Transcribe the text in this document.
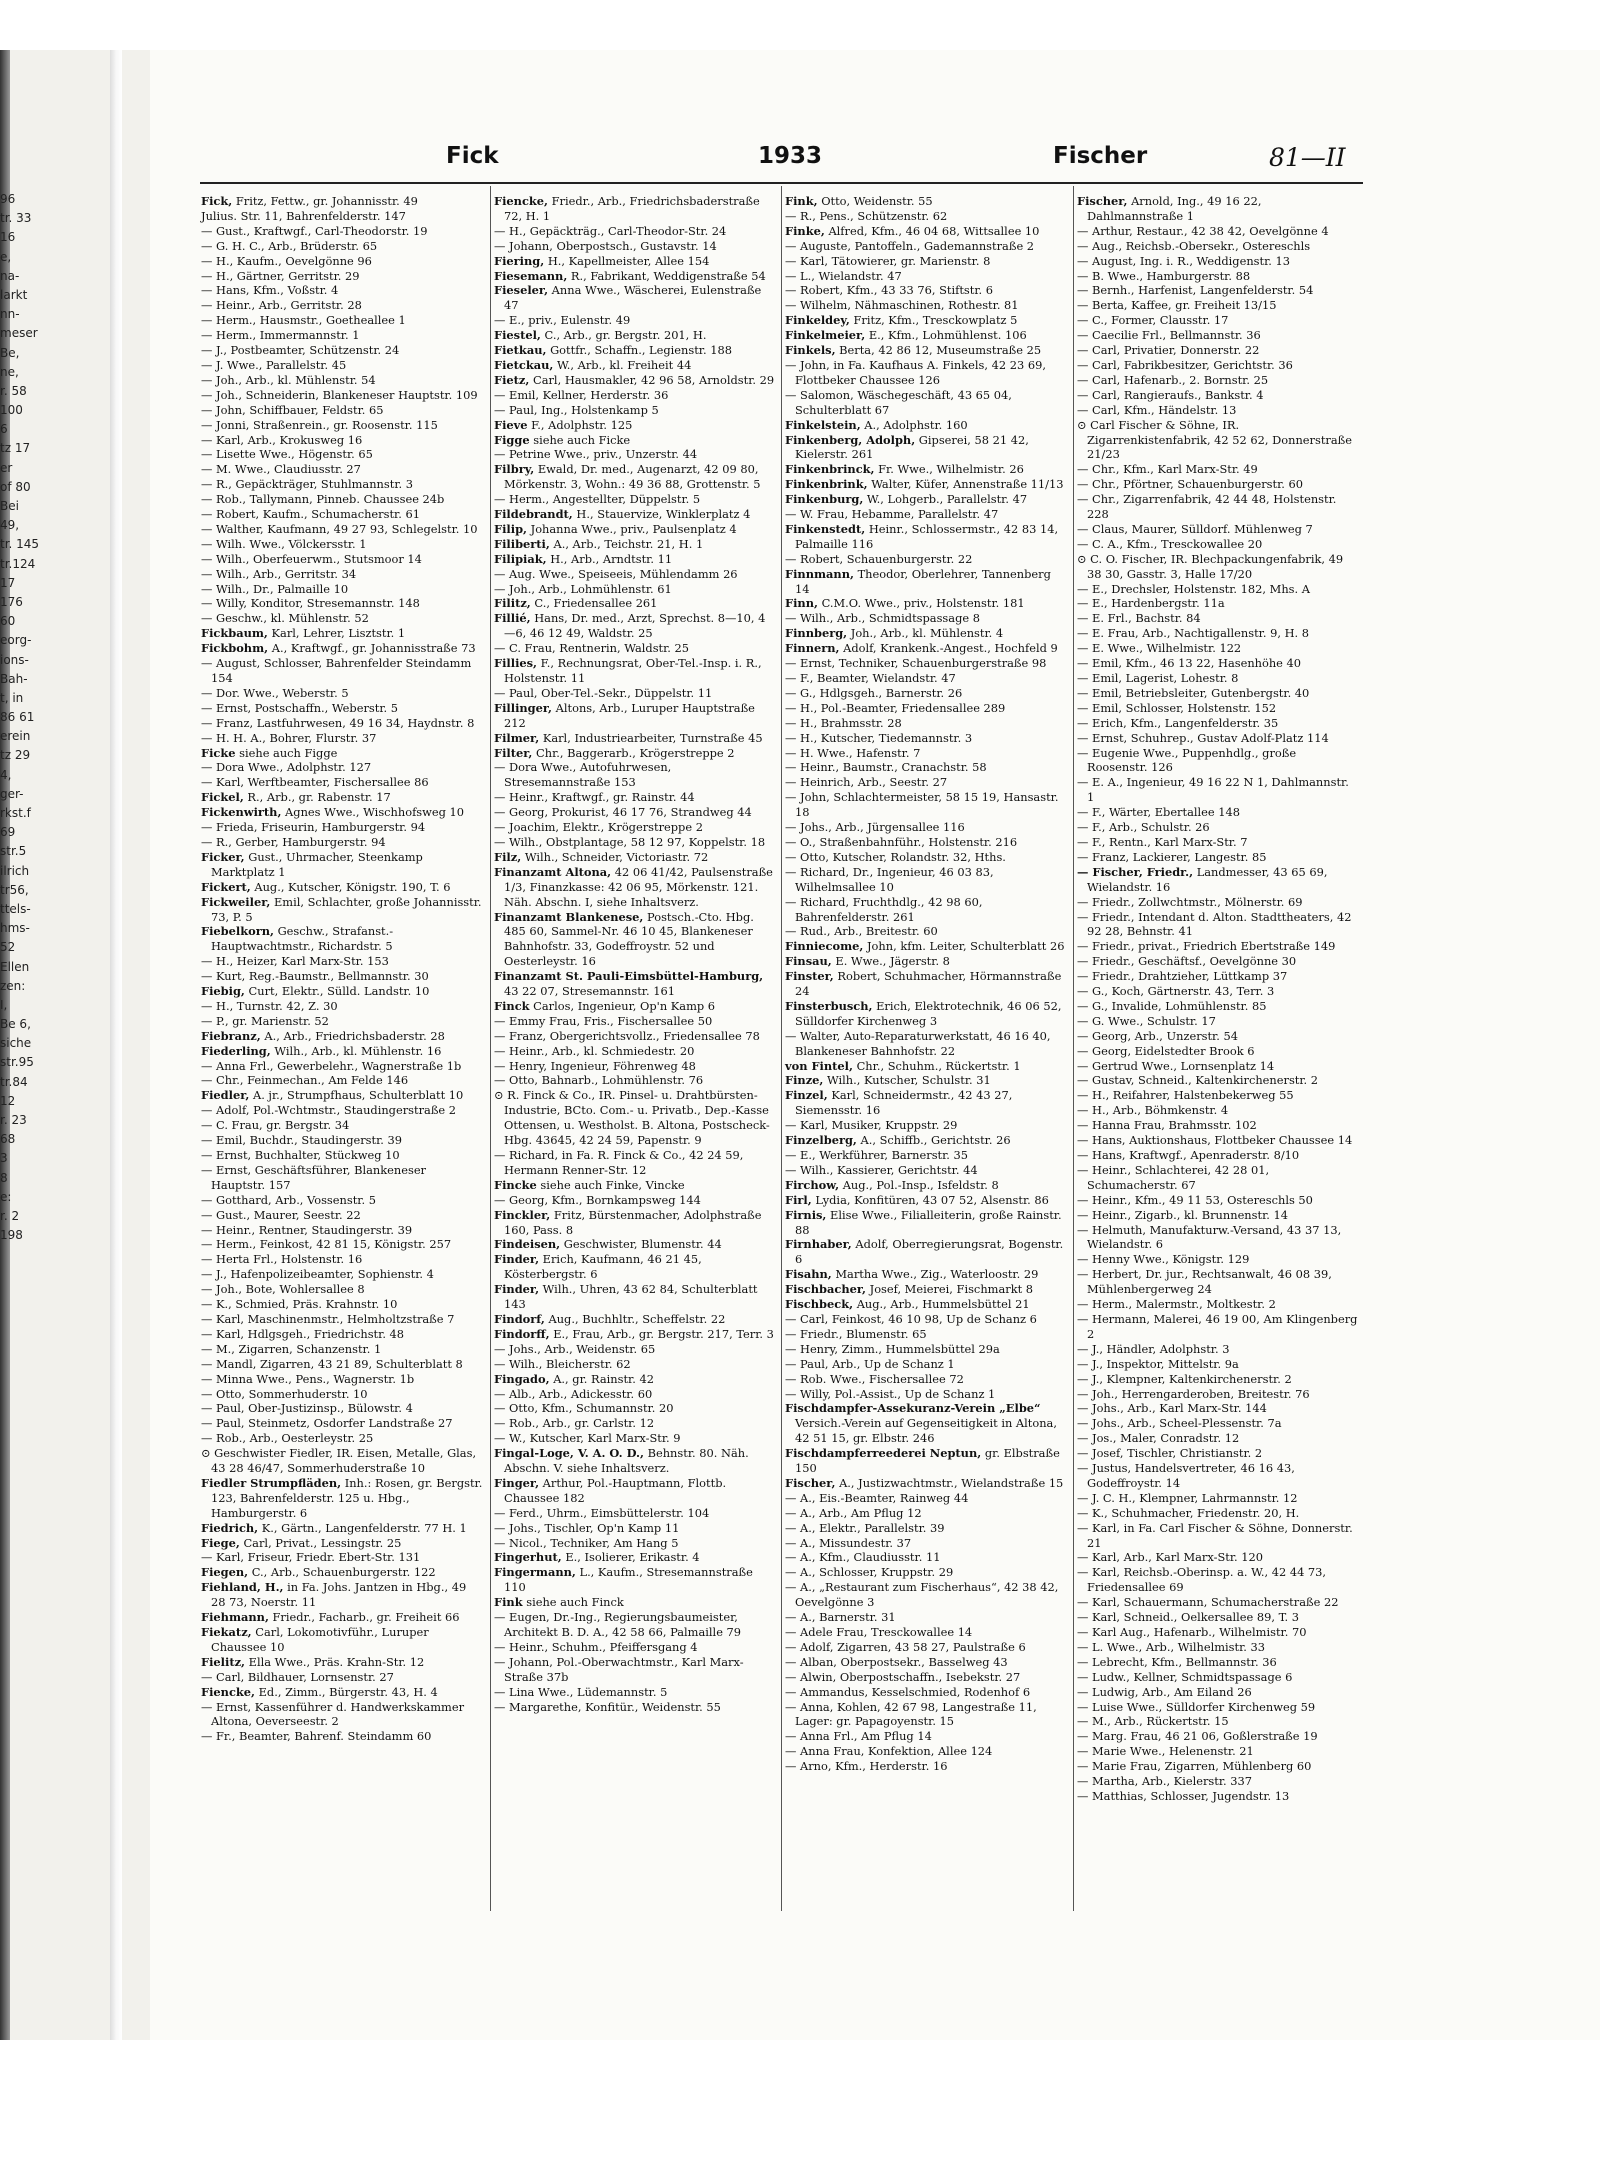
96
tr. 33
16
e,
na-
larkt
nn-
meser
Be,
ne,
r. 58
100
6
tz 17
er
of 80
Bei
49,
tr. 145
tr.124
17
176
60
eorg-
ions-
Bah-
t, in
86 61
erein
tz 29
4,
ger-
rkst.f
69
str.5
ilrich
tr56,
ttels-
hms-
52
Ellen
zen:
I,
Be 6,
siche
str.95
tr.84
12
r. 23
68
3
8
e:
r. 2
198
Fick	1933	Fischer	81—II

Fick, Fritz, Fettw., gr. Johannisstr. 49

Julius. Str. 11, Bahrenfelderstr. 147

— Gust., Kraftwgf., Carl-Theodorstr. 19

— G. H. C., Arb., Brüderstr. 65

— H., Kaufm., Oevelgönne 96

— H., Gärtner, Gerritstr. 29

— Hans, Kfm., Voßstr. 4

— Heinr., Arb., Gerritstr. 28

— Herm., Hausmstr., Goetheallee 1

— Herm., Immermannstr. 1

— J., Postbeamter, Schützenstr. 24

— J. Wwe., Parallelstr. 45

— Joh., Arb., kl. Mühlenstr. 54

— Joh., Schneiderin, Blankeneser Hauptstr. 109

— John, Schiffbauer, Feldstr. 65

— Jonni, Straßenrein., gr. Roosenstr. 115

— Karl, Arb., Krokusweg 16

— Lisette Wwe., Högenstr. 65

— M. Wwe., Claudiusstr. 27

— R., Gepäckträger, Stuhlmannstr. 3

— Rob., Tallymann, Pinneb. Chaussee 24b

— Robert, Kaufm., Schumacherstr. 61

— Walther, Kaufmann, 49 27 93, Schlegelstr. 10

— Wilh. Wwe., Völckersstr. 1

— Wilh., Oberfeuerwm., Stutsmoor 14

— Wilh., Arb., Gerritstr. 34

— Wilh., Dr., Palmaille 10

— Willy, Konditor, Stresemannstr. 148

— Geschw., kl. Mühlenstr. 52

Fickbaum, Karl, Lehrer, Lisztstr. 1

Fickbohm, A., Kraftwgf., gr. Johannisstraße 73

— August, Schlosser, Bahrenfelder Steindamm 154

— Dor. Wwe., Weberstr. 5

— Ernst, Postschaffn., Weberstr. 5

— Franz, Lastfuhrwesen, 49 16 34, Haydnstr. 8

— H. H. A., Bohrer, Flurstr. 37

Ficke siehe auch Figge

— Dora Wwe., Adolphstr. 127

— Karl, Werftbeamter, Fischersallee 86

Fickel, R., Arb., gr. Rabenstr. 17

Fickenwirth, Agnes Wwe., Wischhofsweg 10

— Frieda, Friseurin, Hamburgerstr. 94

— R., Gerber, Hamburgerstr. 94

Ficker, Gust., Uhrmacher, Steenkamp Marktplatz 1

Fickert, Aug., Kutscher, Königstr. 190, T. 6

Fickweiler, Emil, Schlachter, große Johannisstr. 73, P. 5

Fiebelkorn, Geschw., Strafanst.-Hauptwachtmstr., Richardstr. 5

— H., Heizer, Karl Marx-Str. 153

— Kurt, Reg.-Baumstr., Bellmannstr. 30

Fiebig, Curt, Elektr., Sülld. Landstr. 10

— H., Turnstr. 42, Z. 30

— P., gr. Marienstr. 52

Fiebranz, A., Arb., Friedrichsbaderstr. 28

Fiederling, Wilh., Arb., kl. Mühlenstr. 16

— Anna Frl., Gewerbelehr., Wagnerstraße 1b

— Chr., Feinmechan., Am Felde 146

Fiedler, A. jr., Strumpfhaus, Schulterblatt 10

— Adolf, Pol.-Wchtmstr., Staudingerstraße 2

— C. Frau, gr. Bergstr. 34

— Emil, Buchdr., Staudingerstr. 39

— Ernst, Buchhalter, Stückweg 10

— Ernst, Geschäftsführer, Blankeneser Hauptstr. 157

— Gotthard, Arb., Vossenstr. 5

— Gust., Maurer, Seestr. 22

— Heinr., Rentner, Staudingerstr. 39

— Herm., Feinkost, 42 81 15, Königstr. 257

— Herta Frl., Holstenstr. 16

— J., Hafenpolizeibeamter, Sophienstr. 4

— Joh., Bote, Wohlersallee 8

— K., Schmied, Präs. Krahnstr. 10

— Karl, Maschinenmstr., Helmholtzstraße 7

— Karl, Hdlgsgeh., Friedrichstr. 48

— M., Zigarren, Schanzenstr. 1

— Mandl, Zigarren, 43 21 89, Schulterblatt 8

— Minna Wwe., Pens., Wagnerstr. 1b

— Otto, Sommerhuderstr. 10

— Paul, Ober-Justizinsp., Bülowstr. 4

— Paul, Steinmetz, Osdorfer Landstraße 27

— Rob., Arb., Oesterleystr. 25

⊙ Geschwister Fiedler, IR. Eisen, Metalle, Glas, 43 28 46/47, Sommerhuderstraße 10

Fiedler Strumpfläden, Inh.: Rosen, gr. Bergstr. 123, Bahrenfelderstr. 125 u. Hbg., Hamburgerstr. 6

Fiedrich, K., Gärtn., Langenfelderstr. 77 H. 1

Fiege, Carl, Privat., Lessingstr. 25

— Karl, Friseur, Friedr. Ebert-Str. 131

Fiegen, C., Arb., Schauenburgerstr. 122

Fiehland, H., in Fa. Johs. Jantzen in Hbg., 49 28 73, Noerstr. 11

Fiehmann, Friedr., Facharb., gr. Freiheit 66

Fiekatz, Carl, Lokomotivführ., Luruper Chaussee 10

Fielitz, Ella Wwe., Präs. Krahn-Str. 12

— Carl, Bildhauer, Lornsenstr. 27

Fiencke, Ed., Zimm., Bürgerstr. 43, H. 4

— Ernst, Kassenführer d. Handwerkskammer Altona, Oeverseestr. 2

— Fr., Beamter, Bahrenf. Steindamm 60

Fiencke, Friedr., Arb., Friedrichsbaderstraße 72, H. 1

— H., Gepäckträg., Carl-Theodor-Str. 24

— Johann, Oberpostsch., Gustavstr. 14

Fiering, H., Kapellmeister, Allee 154

Fiesemann, R., Fabrikant, Weddigenstraße 54

Fieseler, Anna Wwe., Wäscherei, Eulenstraße 47

— E., priv., Eulenstr. 49

Fiestel, C., Arb., gr. Bergstr. 201, H.

Fietkau, Gottfr., Schaffn., Legienstr. 188

Fietckau, W., Arb., kl. Freiheit 44

Fietz, Carl, Hausmakler, 42 96 58, Arnoldstr. 29

— Emil, Kellner, Herderstr. 36

— Paul, Ing., Holstenkamp 5

Fieve F., Adolphstr. 125

Figge siehe auch Ficke

— Petrine Wwe., priv., Unzerstr. 44

Filbry, Ewald, Dr. med., Augenarzt, 42 09 80, Mörkenstr. 3, Wohn.: 49 36 88, Grottenstr. 5

— Herm., Angestellter, Düppelstr. 5

Fildebrandt, H., Stauervize, Winklerplatz 4

Filip, Johanna Wwe., priv., Paulsenplatz 4

Filiberti, A., Arb., Teichstr. 21, H. 1

Filipiak, H., Arb., Arndtstr. 11

— Aug. Wwe., Speiseeis, Mühlendamm 26

— Joh., Arb., Lohmühlenstr. 61

Filitz, C., Friedensallee 261

Fillié, Hans, Dr. med., Arzt, Sprechst. 8—10, 4—6, 46 12 49, Waldstr. 25

— C. Frau, Rentnerin, Waldstr. 25

Fillies, F., Rechnungsrat, Ober-Tel.-Insp. i. R., Holstenstr. 11

— Paul, Ober-Tel.-Sekr., Düppelstr. 11

Fillinger, Altons, Arb., Luruper Hauptstraße 212

Filmer, Karl, Industriearbeiter, Turnstraße 45

Filter, Chr., Baggerarb., Krögerstreppe 2

— Dora Wwe., Autofuhrwesen, Stresemannstraße 153

— Heinr., Kraftwgf., gr. Rainstr. 44

— Georg, Prokurist, 46 17 76, Strandweg 44

— Joachim, Elektr., Krögerstreppe 2

— Wilh., Obstplantage, 58 12 97, Koppelstr. 18

Filz, Wilh., Schneider, Victoriastr. 72

Finanzamt Altona, 42 06 41/42, Paulsenstraße 1/3, Finanzkasse: 42 06 95, Mörkenstr. 121. Näh. Abschn. I, siehe Inhaltsverz.

Finanzamt Blankenese, Postsch.-Cto. Hbg. 485 60, Sammel-Nr. 46 10 45, Blankeneser Bahnhofstr. 33, Godeffroystr. 52 und Oesterleystr. 16

Finanzamt St. Pauli-Eimsbüttel-Hamburg, 43 22 07, Stresemannstr. 161

Finck Carlos, Ingenieur, Op'n Kamp 6

— Emmy Frau, Fris., Fischersallee 50

— Franz, Obergerichtsvollz., Friedensallee 78

— Heinr., Arb., kl. Schmiedestr. 20

— Henry, Ingenieur, Föhrenweg 48

— Otto, Bahnarb., Lohmühlenstr. 76

⊙ R. Finck & Co., IR. Pinsel- u. Drahtbürsten-Industrie, BCto. Com.- u. Privatb., Dep.-Kasse Ottensen, u. Westholst. B. Altona, Postscheck-Hbg. 43645, 42 24 59, Papenstr. 9

— Richard, in Fa. R. Finck & Co., 42 24 59, Hermann Renner-Str. 12

Fincke siehe auch Finke, Vincke

— Georg, Kfm., Bornkampsweg 144

Finckler, Fritz, Bürstenmacher, Adolphstraße 160, Pass. 8

Findeisen, Geschwister, Blumenstr. 44

Finder, Erich, Kaufmann, 46 21 45, Kösterbergstr. 6

Finder, Wilh., Uhren, 43 62 84, Schulterblatt 143

Findorf, Aug., Buchhltr., Scheffelstr. 22

Findorff, E., Frau, Arb., gr. Bergstr. 217, Terr. 3

— Johs., Arb., Weidenstr. 65

— Wilh., Bleicherstr. 62

Fingado, A., gr. Rainstr. 42

— Alb., Arb., Adickesstr. 60

— Otto, Kfm., Schumannstr. 20

— Rob., Arb., gr. Carlstr. 12

— W., Kutscher, Karl Marx-Str. 9

Fingal-Loge, V. A. O. D., Behnstr. 80. Näh. Abschn. V. siehe Inhaltsverz.

Finger, Arthur, Pol.-Hauptmann, Flottb. Chaussee 182

— Ferd., Uhrm., Eimsbüttelerstr. 104

— Johs., Tischler, Op'n Kamp 11

— Nicol., Techniker, Am Hang 5

Fingerhut, E., Isolierer, Erikastr. 4

Fingermann, L., Kaufm., Stresemannstraße 110

Fink siehe auch Finck

— Eugen, Dr.-Ing., Regierungsbaumeister, Architekt B. D. A., 42 58 66, Palmaille 79

— Heinr., Schuhm., Pfeiffersgang 4

— Johann, Pol.-Oberwachtmstr., Karl Marx-Straße 37b

— Lina Wwe., Lüdemannstr. 5

— Margarethe, Konfitür., Weidenstr. 55

Fink, Otto, Weidenstr. 55

— R., Pens., Schützenstr. 62

Finke, Alfred, Kfm., 46 04 68, Wittsallee 10

— Auguste, Pantoffeln., Gademannstraße 2

— Karl, Tätowierer, gr. Marienstr. 8

— L., Wielandstr. 47

— Robert, Kfm., 43 33 76, Stiftstr. 6

— Wilhelm, Nähmaschinen, Rothestr. 81

Finkeldey, Fritz, Kfm., Tresckowplatz 5

Finkelmeier, E., Kfm., Lohmühlenst. 106

Finkels, Berta, 42 86 12, Museumstraße 25

— John, in Fa. Kaufhaus A. Finkels, 42 23 69, Flottbeker Chaussee 126

— Salomon, Wäschegeschäft, 43 65 04, Schulterblatt 67

Finkelstein, A., Adolphstr. 160

Finkenberg, Adolph, Gipserei, 58 21 42, Kielerstr. 261

Finkenbrinck, Fr. Wwe., Wilhelmistr. 26

Finkenbrink, Walter, Küfer, Annenstraße 11/13

Finkenburg, W., Lohgerb., Parallelstr. 47

— W. Frau, Hebamme, Parallelstr. 47

Finkenstedt, Heinr., Schlossermstr., 42 83 14, Palmaille 116

— Robert, Schauenburgerstr. 22

Finnmann, Theodor, Oberlehrer, Tannenberg 14

Finn, C.M.O. Wwe., priv., Holstenstr. 181

— Wilh., Arb., Schmidtspassage 8

Finnberg, Joh., Arb., kl. Mühlenstr. 4

Finnern, Adolf, Krankenk.-Angest., Hochfeld 9

— Ernst, Techniker, Schauenburgerstraße 98

— F., Beamter, Wielandstr. 47

— G., Hdlgsgeh., Barnerstr. 26

— H., Pol.-Beamter, Friedensallee 289

— H., Brahmsstr. 28

— H., Kutscher, Tiedemannstr. 3

— H. Wwe., Hafenstr. 7

— Heinr., Baumstr., Cranachstr. 58

— Heinrich, Arb., Seestr. 27

— John, Schlachtermeister, 58 15 19, Hansastr. 18

— Johs., Arb., Jürgensallee 116

— O., Straßenbahnführ., Holstenstr. 216

— Otto, Kutscher, Rolandstr. 32, Hths.

— Richard, Dr., Ingenieur, 46 03 83, Wilhelmsallee 10

— Richard, Fruchthdlg., 42 98 60, Bahrenfelderstr. 261

— Rud., Arb., Breitestr. 60

Finniecome, John, kfm. Leiter, Schulterblatt 26

Finsau, E. Wwe., Jägerstr. 8

Finster, Robert, Schuhmacher, Hörmannstraße 24

Finsterbusch, Erich, Elektrotechnik, 46 06 52, Sülldorfer Kirchenweg 3

— Walter, Auto-Reparaturwerkstatt, 46 16 40, Blankeneser Bahnhofstr. 22

von Fintel, Chr., Schuhm., Rückertstr. 1

Finze, Wilh., Kutscher, Schulstr. 31

Finzel, Karl, Schneidermstr., 42 43 27, Siemensstr. 16

— Karl, Musiker, Kruppstr. 29

Finzelberg, A., Schiffb., Gerichtstr. 26

— E., Werkführer, Barnerstr. 35

— Wilh., Kassierer, Gerichtstr. 44

Firchow, Aug., Pol.-Insp., Isfeldstr. 8

Firl, Lydia, Konfitüren, 43 07 52, Alsenstr. 86

Firnis, Elise Wwe., Filialleiterin, große Rainstr. 88

Firnhaber, Adolf, Oberregierungsrat, Bogenstr. 6

Fisahn, Martha Wwe., Zig., Waterloostr. 29

Fischbacher, Josef, Meierei, Fischmarkt 8

Fischbeck, Aug., Arb., Hummelsbüttel 21

— Carl, Feinkost, 46 10 98, Up de Schanz 6

— Friedr., Blumenstr. 65

— Henry, Zimm., Hummelsbüttel 29a

— Paul, Arb., Up de Schanz 1

— Rob. Wwe., Fischersallee 72

— Willy, Pol.-Assist., Up de Schanz 1

Fischdampfer-Assekuranz-Verein „Elbe“ Versich.-Verein auf Gegenseitigkeit in Altona, 42 51 15, gr. Elbstr. 246

Fischdampferreederei Neptun, gr. Elbstraße 150

Fischer, A., Justizwachtmstr., Wielandstraße 15

— A., Eis.-Beamter, Rainweg 44

— A., Arb., Am Pflug 12

— A., Elektr., Parallelstr. 39

— A., Missundestr. 37

— A., Kfm., Claudiusstr. 11

— A., Schlosser, Kruppstr. 29

— A., „Restaurant zum Fischerhaus“, 42 38 42, Oevelgönne 3

— A., Barnerstr. 31

— Adele Frau, Tresckowallee 14

— Adolf, Zigarren, 43 58 27, Paulstraße 6

— Alban, Oberpostsekr., Basselweg 43

— Alwin, Oberpostschaffn., Isebekstr. 27

— Ammandus, Kesselschmied, Rodenhof 6

— Anna, Kohlen, 42 67 98, Langestraße 11, Lager: gr. Papagoyenstr. 15

— Anna Frl., Am Pflug 14

— Anna Frau, Konfektion, Allee 124

— Arno, Kfm., Herderstr. 16

Fischer, Arnold, Ing., 49 16 22, Dahlmannstraße 1

— Arthur, Restaur., 42 38 42, Oevelgönne 4

— Aug., Reichsb.-Obersekr., Ostereschls

— August, Ing. i. R., Weddigenstr. 13

— B. Wwe., Hamburgerstr. 88

— Bernh., Harfenist, Langenfelderstr. 54

— Berta, Kaffee, gr. Freiheit 13/15

— C., Former, Clausstr. 17

— Caecilie Frl., Bellmannstr. 36

— Carl, Privatier, Donnerstr. 22

— Carl, Fabrikbesitzer, Gerichtstr. 36

— Carl, Hafenarb., 2. Bornstr. 25

— Carl, Rangieraufs., Bankstr. 4

— Carl, Kfm., Händelstr. 13

⊙ Carl Fischer & Söhne, IR. Zigarrenkistenfabrik, 42 52 62, Donnerstraße 21/23

— Chr., Kfm., Karl Marx-Str. 49

— Chr., Pförtner, Schauenburgerstr. 60

— Chr., Zigarrenfabrik, 42 44 48, Holstenstr. 228

— Claus, Maurer, Sülldorf. Mühlenweg 7

— C. A., Kfm., Tresckowallee 20

⊙ C. O. Fischer, IR. Blechpackungenfabrik, 49 38 30, Gasstr. 3, Halle 17/20

— E., Drechsler, Holstenstr. 182, Mhs. A

— E., Hardenbergstr. 11a

— E. Frl., Bachstr. 84

— E. Frau, Arb., Nachtigallenstr. 9, H. 8

— E. Wwe., Wilhelmistr. 122

— Emil, Kfm., 46 13 22, Hasenhöhe 40

— Emil, Lagerist, Lohestr. 8

— Emil, Betriebsleiter, Gutenbergstr. 40

— Emil, Schlosser, Holstenstr. 152

— Erich, Kfm., Langenfelderstr. 35

— Ernst, Schuhrep., Gustav Adolf-Platz 114

— Eugenie Wwe., Puppenhdlg., große Roosenstr. 126

— E. A., Ingenieur, 49 16 22 N 1, Dahlmannstr. 1

— F., Wärter, Ebertallee 148

— F., Arb., Schulstr. 26

— F., Rentn., Karl Marx-Str. 7

— Franz, Lackierer, Langestr. 85

— Fischer, Friedr., Landmesser, 43 65 69, Wielandstr. 16

— Friedr., Zollwchtmstr., Mölnerstr. 69

— Friedr., Intendant d. Alton. Stadttheaters, 42 92 28, Behnstr. 41

— Friedr., privat., Friedrich Ebertstraße 149

— Friedr., Geschäftsf., Oevelgönne 30

— Friedr., Drahtzieher, Lüttkamp 37

— G., Koch, Gärtnerstr. 43, Terr. 3

— G., Invalide, Lohmühlenstr. 85

— G. Wwe., Schulstr. 17

— Georg, Arb., Unzerstr. 54

— Georg, Eidelstedter Brook 6

— Gertrud Wwe., Lornsenplatz 14

— Gustav, Schneid., Kaltenkirchenerstr. 2

— H., Reifahrer, Halstenbekerweg 55

— H., Arb., Böhmkenstr. 4

— Hanna Frau, Brahmsstr. 102

— Hans, Auktionshaus, Flottbeker Chaussee 14

— Hans, Kraftwgf., Apenraderstr. 8/10

— Heinr., Schlachterei, 42 28 01, Schumacherstr. 67

— Heinr., Kfm., 49 11 53, Ostereschls 50

— Heinr., Zigarb., kl. Brunnenstr. 14

— Helmuth, Manufakturw.-Versand, 43 37 13, Wielandstr. 6

— Henny Wwe., Königstr. 129

— Herbert, Dr. jur., Rechtsanwalt, 46 08 39, Mühlenbergerweg 24

— Herm., Malermstr., Moltkestr. 2

— Hermann, Malerei, 46 19 00, Am Klingenberg 2

— J., Händler, Adolphstr. 3

— J., Inspektor, Mittelstr. 9a

— J., Klempner, Kaltenkirchenerstr. 2

— Joh., Herrengarderoben, Breitestr. 76

— Johs., Arb., Karl Marx-Str. 144

— Johs., Arb., Scheel-Plessenstr. 7a

— Jos., Maler, Conradstr. 12

— Josef, Tischler, Christianstr. 2

— Justus, Handelsvertreter, 46 16 43, Godeffroystr. 14

— J. C. H., Klempner, Lahrmannstr. 12

— K., Schuhmacher, Friedenstr. 20, H.

— Karl, in Fa. Carl Fischer & Söhne, Donnerstr. 21

— Karl, Arb., Karl Marx-Str. 120

— Karl, Reichsb.-Oberinsp. a. W., 42 44 73, Friedensallee 69

— Karl, Schauermann, Schumacherstraße 22

— Karl, Schneid., Oelkersallee 89, T. 3

— Karl Aug., Hafenarb., Wilhelmistr. 70

— L. Wwe., Arb., Wilhelmistr. 33

— Lebrecht, Kfm., Bellmannstr. 36

— Ludw., Kellner, Schmidtspassage 6

— Ludwig, Arb., Am Eiland 26

— Luise Wwe., Sülldorfer Kirchenweg 59

— M., Arb., Rückertstr. 15

— Marg. Frau, 46 21 06, Goßlerstraße 19

— Marie Wwe., Helenenstr. 21

— Marie Frau, Zigarren, Mühlenberg 60

— Martha, Arb., Kielerstr. 337

— Matthias, Schlosser, Jugendstr. 13
